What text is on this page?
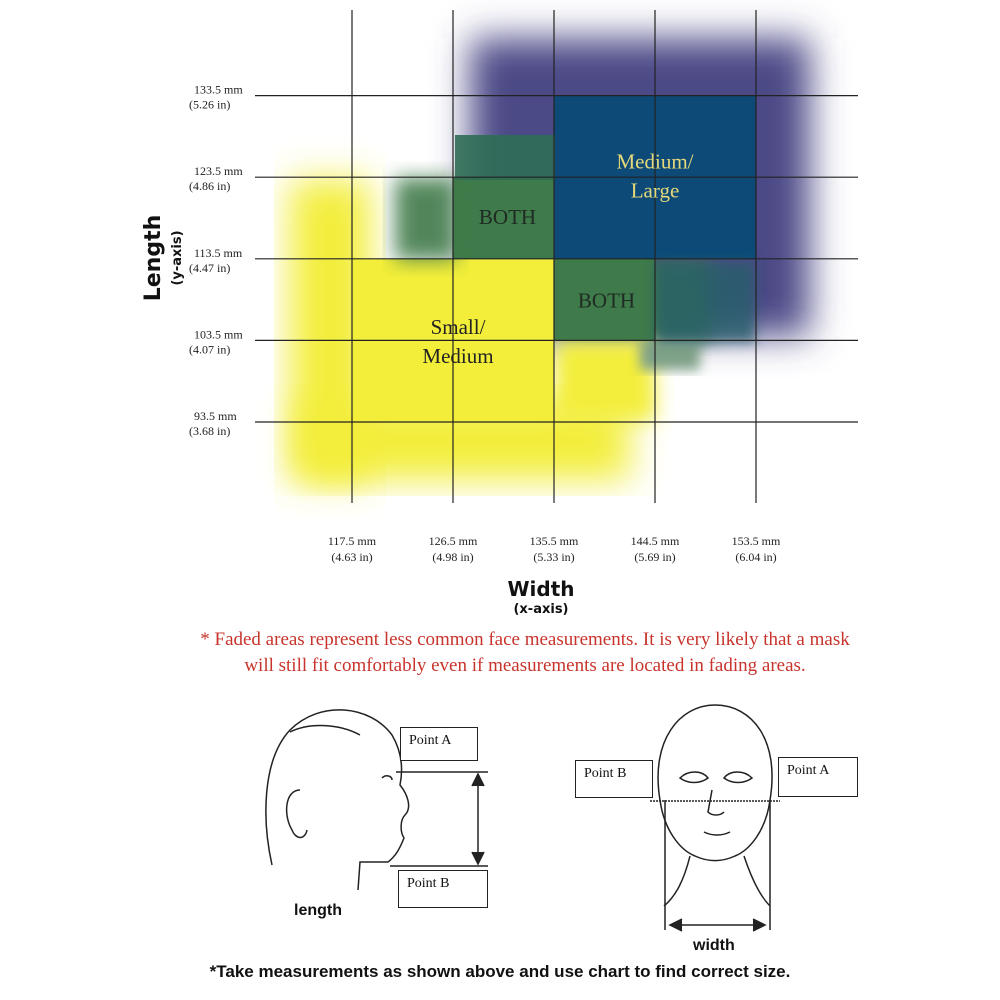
133.5 mm
(5.26 in)
123.5 mm
(4.86 in)
113.5 mm
(4.47 in)
103.5 mm
(4.07 in)
93.5 mm
(3.68 in)
117.5 mm
(4.63 in)
126.5 mm
(4.98 in)
135.5 mm
(5.33 in)
144.5 mm
(5.69 in)
153.5 mm
(6.04 in)
Small/
Medium
BOTH
BOTH
Medium/
Large
Length (y-axis)
Width
(x-axis)
* Faded areas represent less common face measurements. It is very likely that a mask
will still fit comfortably even if measurements are located in fading areas.
Point A
Point B
length
Point B	Point A
width
*Take measurements as shown above and use chart to find correct size.
